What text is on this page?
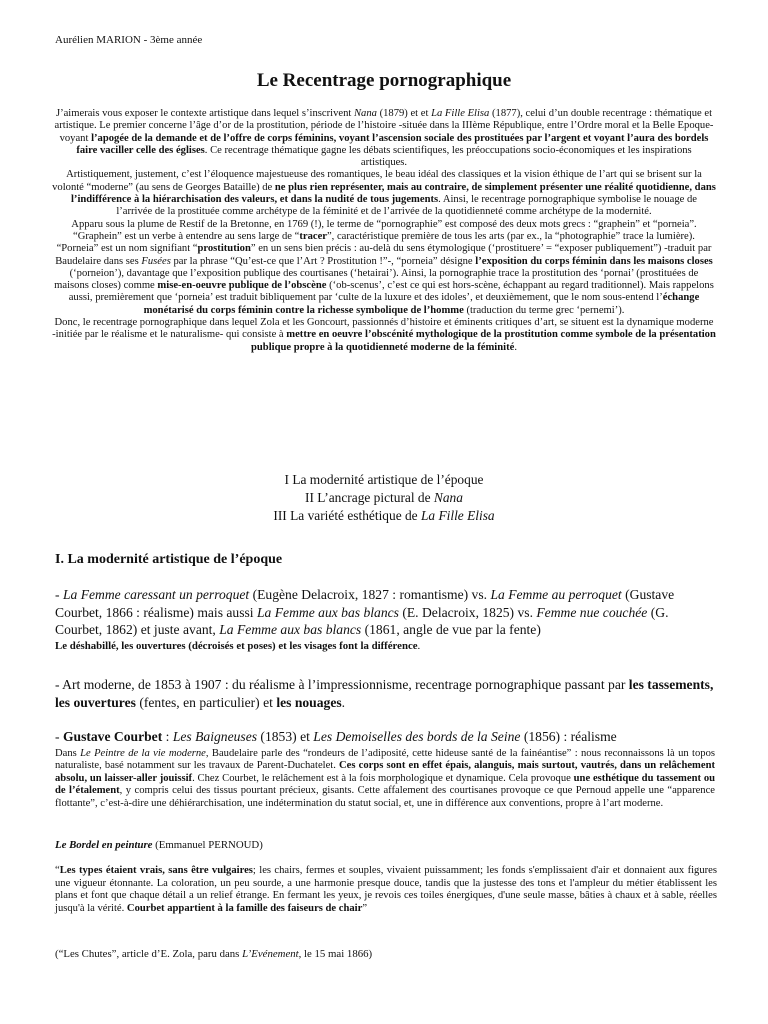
Aurélien MARION - 3ème année
Le Recentrage pornographique

J’aimerais vous exposer le contexte artistique dans lequel s’inscrivent Nana (1879) et et La Fille Elisa (1877), celui d’un double recentrage : thématique et artistique. Le premier concerne l’âge d’or de la prostitution, période de l’histoire -située dans la IIIème République, entre l’Ordre moral et la Belle Epoque- voyant l’apogée de la demande et de l’offre de corps féminins, voyant l’ascension sociale des prostituées par l’argent et voyant l’aura des bordels faire vaciller celle des églises. Ce recentrage thématique gagne les débats scientifiques, les préoccupations socio-économiques et les inspirations artistiques.

Artistiquement, justement, c’est l’éloquence majestueuse des romantiques, le beau idéal des classiques et la vision éthique de l’art qui se brisent sur la volonté “moderne” (au sens de Georges Bataille) de ne plus rien représenter, mais au contraire, de simplement présenter une réalité quotidienne, dans l’indifférence à la hiérarchisation des valeurs, et dans la nudité de tous jugements. Ainsi, le recentrage pornographique symbolise le nouage de l’arrivée de la prostituée comme archétype de la féminité et de l’arrivée de la quotidienneté comme archétype de la modernité.

Apparu sous la plume de Restif de la Bretonne, en 1769 (!), le terme de “pornographie” est composé des deux mots grecs : “graphein” et “porneia”. “Graphein” est un verbe à entendre au sens large de “tracer”, caractéristique première de tous les arts (par ex., la “photographie” trace la lumière). “Porneia” est un nom signifiant “prostitution” en un sens bien précis : au-delà du sens étymologique (‘prostituere’ = “exposer publiquement”) -traduit par Baudelaire dans ses Fusées par la phrase “Qu’est-ce que l’Art ? Prostitution !”-, “porneia” désigne l’exposition du corps féminin dans les maisons closes (‘porneion’), davantage que l’exposition publique des courtisanes (‘hetairai’). Ainsi, la pornographie trace la prostitution des ‘pornai’ (prostituées de maisons closes) comme mise-en-oeuvre publique de l’obscène (‘ob-scenus’, c’est ce qui est hors-scène, échappant au regard traditionnel). Mais rappelons aussi, premièrement que ‘porneia’ est traduit bibliquement par ‘culte de la luxure et des idoles’, et deuxièmement, que le nom sous-entend l’échange monétarisé du corps féminin contre la richesse symbolique de l’homme (traduction du terme grec ‘pernemi’).

Donc, le recentrage pornographique dans lequel Zola et les Goncourt, passionnés d’histoire et éminents critiques d’art, se situent est la dynamique moderne -initiée par le réalisme et le naturalisme- qui consiste à mettre en oeuvre l’obscénité mythologique de la prostitution comme symbole de la présentation publique propre à la quotidienneté moderne de la féminité.

I La modernité artistique de l’époque
II L’ancrage pictural de Nana
III La variété esthétique de La Fille Elisa
I. La modernité artistique de l’époque
- La Femme caressant un perroquet (Eugène Delacroix, 1827 : romantisme) vs. La Femme au perroquet (Gustave Courbet, 1866 : réalisme) mais aussi La Femme aux bas blancs (E. Delacroix, 1825) vs. Femme nue couchée (G. Courbet, 1862) et juste avant, La Femme aux bas blancs (1861, angle de vue par la fente)
Le déshabillé, les ouvertures (décroisés et poses) et les visages font la différence.
- Art moderne, de 1853 à 1907 : du réalisme à l’impressionnisme, recentrage pornographique passant par les tassements, les ouvertures (fentes, en particulier) et les nouages.
- Gustave Courbet : Les Baigneuses (1853) et Les Demoiselles des bords de la Seine (1856) : réalisme
Dans Le Peintre de la vie moderne, Baudelaire parle des “rondeurs de l’adiposité, cette hideuse santé de la fainéantise” : nous reconnaissons là un topos naturaliste, basé notamment sur les travaux de Parent-Duchatelet. Ces corps sont en effet épais, alanguis, mais surtout, vautrés, dans un relâchement absolu, un laisser-aller jouissif. Chez Courbet, le relâchement est à la fois morphologique et dynamique. Cela provoque une esthétique du tassement ou de l’étalement, y compris celui des tissus pourtant précieux, gisants. Cette affalement des courtisanes provoque ce que Pernoud appelle une “apparence flottante”, c’est-à-dire une déhiérarchisation, une indétermination du statut social, et, une in différence aux conventions, propre à l’art moderne.
Le Bordel en peinture (Emmanuel PERNOUD)
“Les types étaient vrais, sans être vulgaires; les chairs, fermes et souples, vivaient puissamment; les fonds s'emplissaient d'air et donnaient aux figures une vigueur étonnante. La coloration, un peu sourde, a une harmonie presque douce, tandis que la justesse des tons et l'ampleur du métier établissent les plans et font que chaque détail a un relief étrange. En fermant les yeux, je revois ces toiles énergiques, d'une seule masse, bâties à chaux et à sable, réelles jusqu'à la vérité. Courbet appartient à la famille des faiseurs de chair”
(“Les Chutes”, article d’E. Zola, paru dans L’Evénement, le 15 mai 1866)
